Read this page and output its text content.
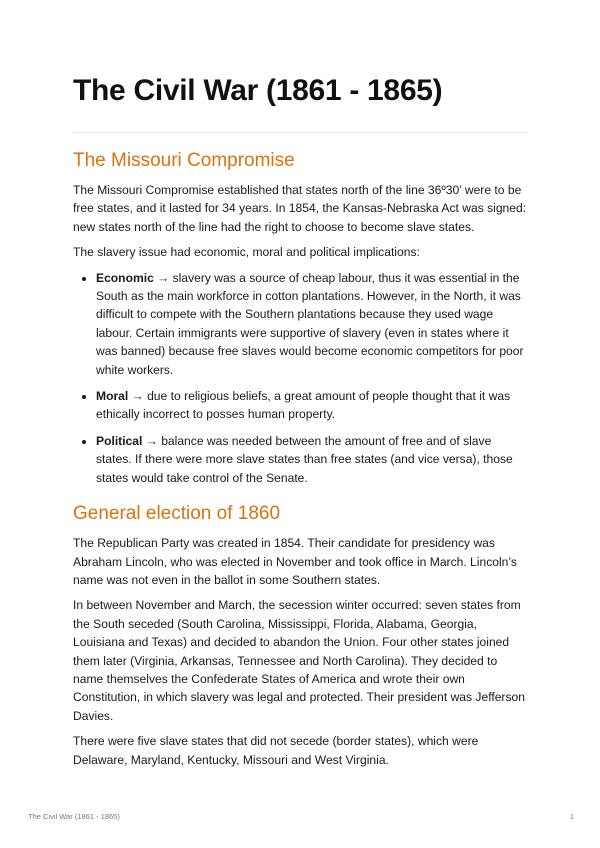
The Civil War (1861 - 1865)
The Missouri Compromise

The Missouri Compromise established that states north of the line 36º30’ were to be free states, and it lasted for 34 years. In 1854, the Kansas-Nebraska Act was signed: new states north of the line had the right to choose to become slave states.

The slavery issue had economic, moral and political implications:

• Economic → slavery was a source of cheap labour, thus it was essential in the South as the main workforce in cotton plantations. However, in the North, it was difficult to compete with the Southern plantations because they used wage labour. Certain immigrants were supportive of slavery (even in states where it was banned) because free slaves would become economic competitors for poor white workers.
• Moral → due to religious beliefs, a great amount of people thought that it was ethically incorrect to posses human property.
• Political → balance was needed between the amount of free and of slave states. If there were more slave states than free states (and vice versa), those states would take control of the Senate.
General election of 1860

The Republican Party was created in 1854. Their candidate for presidency was Abraham Lincoln, who was elected in November and took office in March. Lincoln’s name was not even in the ballot in some Southern states.

In between November and March, the secession winter occurred: seven states from the South seceded (South Carolina, Mississippi, Florida, Alabama, Georgia, Louisiana and Texas) and decided to abandon the Union. Four other states joined them later (Virginia, Arkansas, Tennessee and North Carolina). They decided to name themselves the Confederate States of America and wrote their own Constitution, in which slavery was legal and protected. Their president was Jefferson Davies.

There were five slave states that did not secede (border states), which were Delaware, Maryland, Kentucky, Missouri and West Virginia.

The Civil War (1861 - 1865)	1
